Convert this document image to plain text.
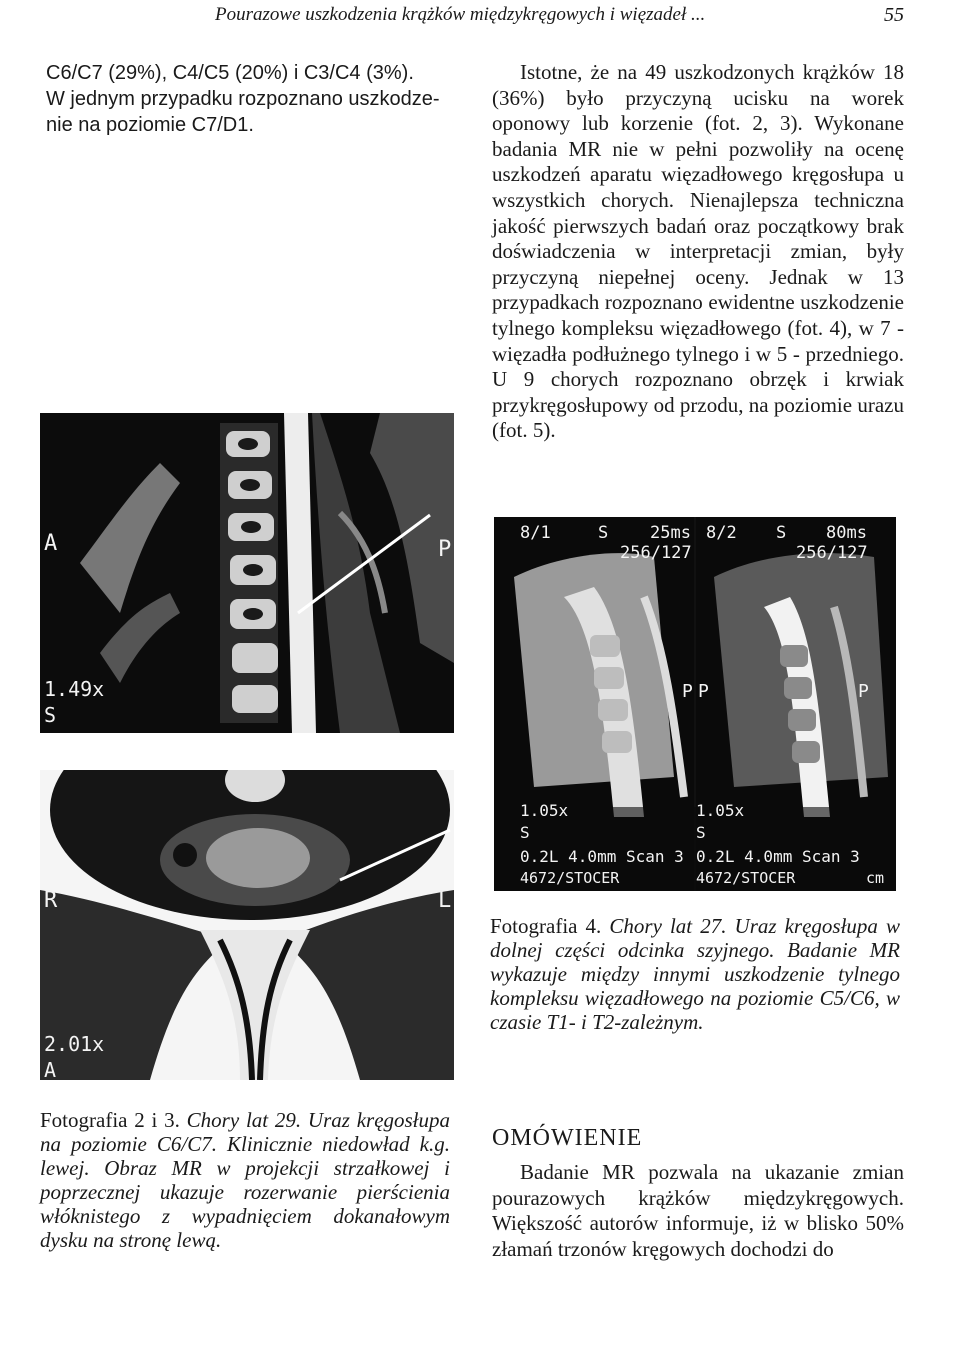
Pourazowe uszkodzenia krążków międzykręgowych i więzadeł ...	55
C6/C7 (29%), C4/C5 (20%) i C3/C4 (3%).
W jednym przypadku rozpoznano uszkodze-
nie na poziomie C7/D1.

Istotne, że na 49 uszkodzonych krążków 18 (36%) było przyczyną ucisku na worek oponowy lub korzenie (fot. 2, 3). Wykonane badania MR nie w pełni pozwoliły na ocenę uszkodzeń aparatu więzadłowego kręgosłupa u wszystkich chorych. Nienajlepsza techniczna jakość pierwszych badań oraz początkowy brak doświadczenia w interpretacji zmian, były przyczyną niepełnej oceny. Jednak w 13 przypadkach rozpoznano ewidentne uszkodzenie tylnego kompleksu więzadłowego (fot. 4), w 7 - więzadła podłużnego tylnego i w 5 - przedniego. U 9 chorych rozpoznano obrzęk i krwiak przykręgosłupowy od przodu, na poziomie urazu (fot. 5).

A	P
1.49x
S
R	L
2.01x
A
8/1	S 25ms
256/127
8/2 S 80ms
256/127
P P	P
1.05x	1.05x
S	S
0.2L 4.0mm Scan 3 0.2L 4.0mm Scan 3
4672/STOCER	4672/STOCER	cm
Fotografia 4. Chory lat 27. Uraz kręgosłupa w dolnej części odcinka szyjnego. Badanie MR wykazuje między innymi uszkodzenie tylnego kompleksu więzadłowego na poziomie C5/C6, w czasie T1- i T2-zależnym.
Fotografia 2 i 3. Chory lat 29. Uraz kręgosłupa na poziomie C6/C7. Klinicznie niedowład k.g. lewej. Obraz MR w projekcji strzałkowej i poprzecznej ukazuje rozerwanie pierścienia włóknistego z wypadnięciem dokanałowym dysku na stronę lewą.
OMÓWIENIE

Badanie MR pozwala na ukazanie zmian pourazowych krążków międzykręgowych. Większość autorów informuje, iż w blisko 50% złamań trzonów kręgowych dochodzi do
